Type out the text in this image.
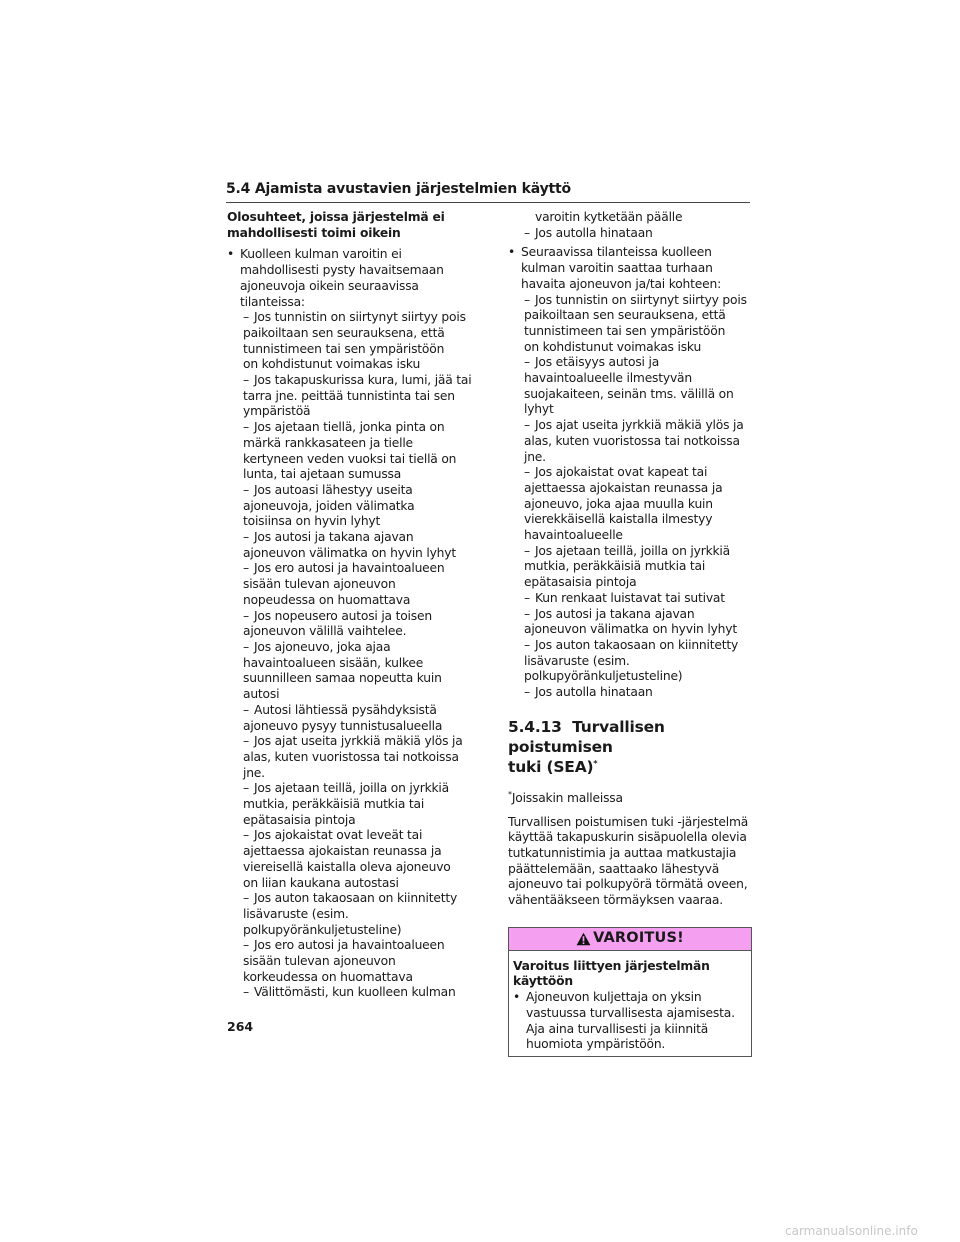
5.4 Ajamista avustavien järjestelmien käyttö
Olosuhteet, joissa järjestelmä ei
mahdollisesti toimi oikein
• Kuolleen kulman varoitin ei
mahdollisesti pysty havaitsemaan
ajoneuvoja oikein seuraavissa
tilanteissa:
– Jos tunnistin on siirtynyt siirtyy pois
paikoiltaan sen seurauksena, että
tunnistimeen tai sen ympäristöön
on kohdistunut voimakas isku
– Jos takapuskurissa kura, lumi, jää tai
tarra jne. peittää tunnistinta tai sen
ympäristöä
– Jos ajetaan tiellä, jonka pinta on
märkä rankkasateen ja tielle
kertyneen veden vuoksi tai tiellä on
lunta, tai ajetaan sumussa
– Jos autoasi lähestyy useita
ajoneuvoja, joiden välimatka
toisiinsa on hyvin lyhyt
– Jos autosi ja takana ajavan
ajoneuvon välimatka on hyvin lyhyt
– Jos ero autosi ja havaintoalueen
sisään tulevan ajoneuvon
nopeudessa on huomattava
– Jos nopeusero autosi ja toisen
ajoneuvon välillä vaihtelee.
– Jos ajoneuvo, joka ajaa
havaintoalueen sisään, kulkee
suunnilleen samaa nopeutta kuin
autosi
– Autosi lähtiessä pysähdyksistä
ajoneuvo pysyy tunnistusalueella
– Jos ajat useita jyrkkiä mäkiä ylös ja
alas, kuten vuoristossa tai notkoissa
jne.
– Jos ajetaan teillä, joilla on jyrkkiä
mutkia, peräkkäisiä mutkia tai
epätasaisia pintoja
– Jos ajokaistat ovat leveät tai
ajettaessa ajokaistan reunassa ja
viereisellä kaistalla oleva ajoneuvo
on liian kaukana autostasi
– Jos auton takaosaan on kiinnitetty
lisävaruste (esim.
polkupyöränkuljetusteline)
– Jos ero autosi ja havaintoalueen
sisään tulevan ajoneuvon
korkeudessa on huomattava
– Välittömästi, kun kuolleen kulman
varoitin kytketään päälle
– Jos autolla hinataan
• Seuraavissa tilanteissa kuolleen
kulman varoitin saattaa turhaan
havaita ajoneuvon ja/tai kohteen:
– Jos tunnistin on siirtynyt siirtyy pois
paikoiltaan sen seurauksena, että
tunnistimeen tai sen ympäristöön
on kohdistunut voimakas isku
– Jos etäisyys autosi ja
havaintoalueelle ilmestyvän
suojakaiteen, seinän tms. välillä on
lyhyt
– Jos ajat useita jyrkkiä mäkiä ylös ja
alas, kuten vuoristossa tai notkoissa
jne.
– Jos ajokaistat ovat kapeat tai
ajettaessa ajokaistan reunassa ja
ajoneuvo, joka ajaa muulla kuin
vierekkäisellä kaistalla ilmestyy
havaintoalueelle
– Jos ajetaan teillä, joilla on jyrkkiä
mutkia, peräkkäisiä mutkia tai
epätasaisia pintoja
– Kun renkaat luistavat tai sutivat
– Jos autosi ja takana ajavan
ajoneuvon välimatka on hyvin lyhyt
– Jos auton takaosaan on kiinnitetty
lisävaruste (esim.
polkupyöränkuljetusteline)
– Jos autolla hinataan
5.4.13 Turvallisen poistumisen
tuki (SEA)*
*Joissakin malleissa
Turvallisen poistumisen tuki -järjestelmä
käyttää takapuskurin sisäpuolella olevia
tutkatunnistimia ja auttaa matkustajia
päättelemään, saattaako lähestyvä
ajoneuvo tai polkupyörä törmätä oveen,
vähentääkseen törmäyksen vaaraa.
VAROITUS!
Varoitus liittyen järjestelmän
käyttöön
• Ajoneuvon kuljettaja on yksin
vastuussa turvallisesta ajamisesta.
Aja aina turvallisesti ja kiinnitä
huomiota ympäristöön.
264
carmanualsonline.info
